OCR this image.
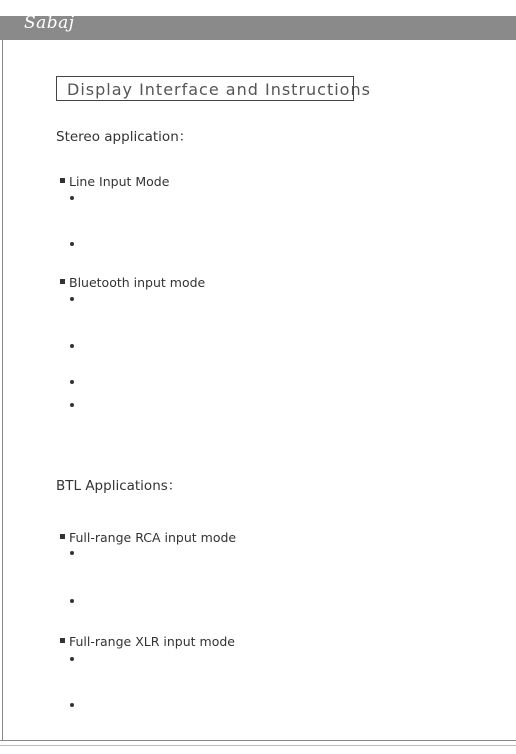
Sabaj
Display Interface and Instructions
Stereo application：
Line Input Mode
Bluetooth input mode
BTL Applications：
Full-range RCA input mode
Full-range XLR input mode
